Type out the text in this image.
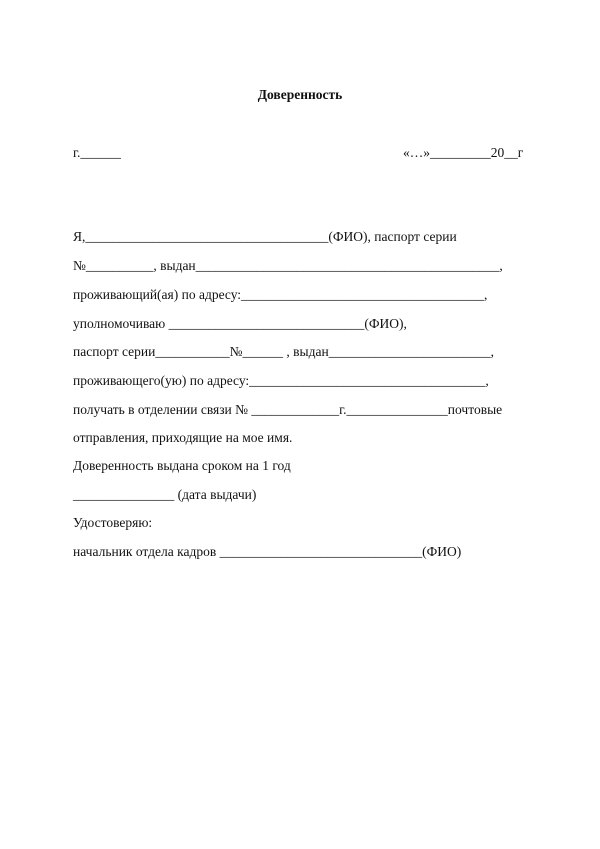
Доверенность
г.______	«…»_________20__г
Я,____________________________________(ФИО), паспорт серии
№__________, выдан_____________________________________________,
проживающий(ая) по адресу:____________________________________,
уполномочиваю _____________________________(ФИО),
паспорт серии___________№______ , выдан________________________,
проживающего(ую) по адресу:___________________________________,
получать в отделении связи № _____________г._______________почтовые
отправления, приходящие на мое имя.
Доверенность выдана сроком на 1 год
_______________ (дата выдачи)
Удостоверяю:
начальник отдела кадров ______________________________(ФИО)
